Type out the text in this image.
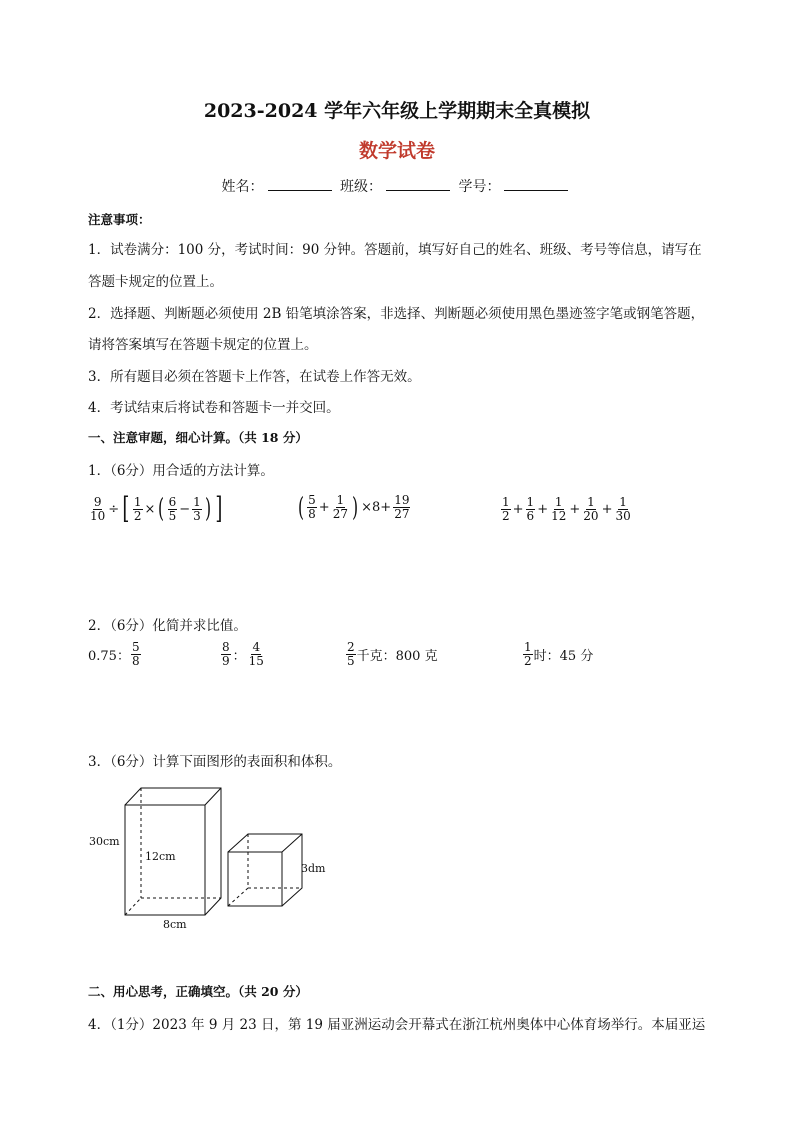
2023-2024 学年六年级上学期期末全真模拟
数学试卷
姓名：	班级：	学号：
注意事项：
1．试卷满分：100 分，考试时间：90 分钟。答题前，填写好自己的姓名、班级、考号等信息，请写在
答题卡规定的位置上。
2．选择题、判断题必须使用 2B 铅笔填涂答案，非选择、判断题必须使用黑色墨迹签字笔或钢笔答题，
请将答案填写在答题卡规定的位置上。
3．所有题目必须在答题卡上作答，在试卷上作答无效。
4．考试结束后将试卷和答题卡一并交回。
一、注意审题，细心计算。（共 18 分）
1．（6分）用合适的方法计算。
$\frac{9}{10}$ ÷ [ $\frac{1}{2}$ × ( $\frac{6}{5} - \frac{1}{3}$ ) ]	( $\frac{5}{8} + \frac{1}{27}$ ) $\times 8+ \frac{19}{27}$	$\frac{1}{2} + \frac{1}{6} + \frac{1}{12} + \frac{1}{20} + \frac{1}{30}$
2．（6分）化简并求比值。
0.75： $\frac{5}{8}$	$\frac{8}{9}$ ： $\frac{4}{15}$	$\frac{2}{5}$ 千克：800 克	$\frac{1}{2}$ 时：45 分
3．（6分）计算下面图形的表面积和体积。
30cm
12cm
8cm
3dm
二、用心思考，正确填空。（共 20 分）
4．（1分）2023 年 9 月 23 日，第 19 届亚洲运动会开幕式在浙江杭州奥体中心体育场举行。本届亚运
